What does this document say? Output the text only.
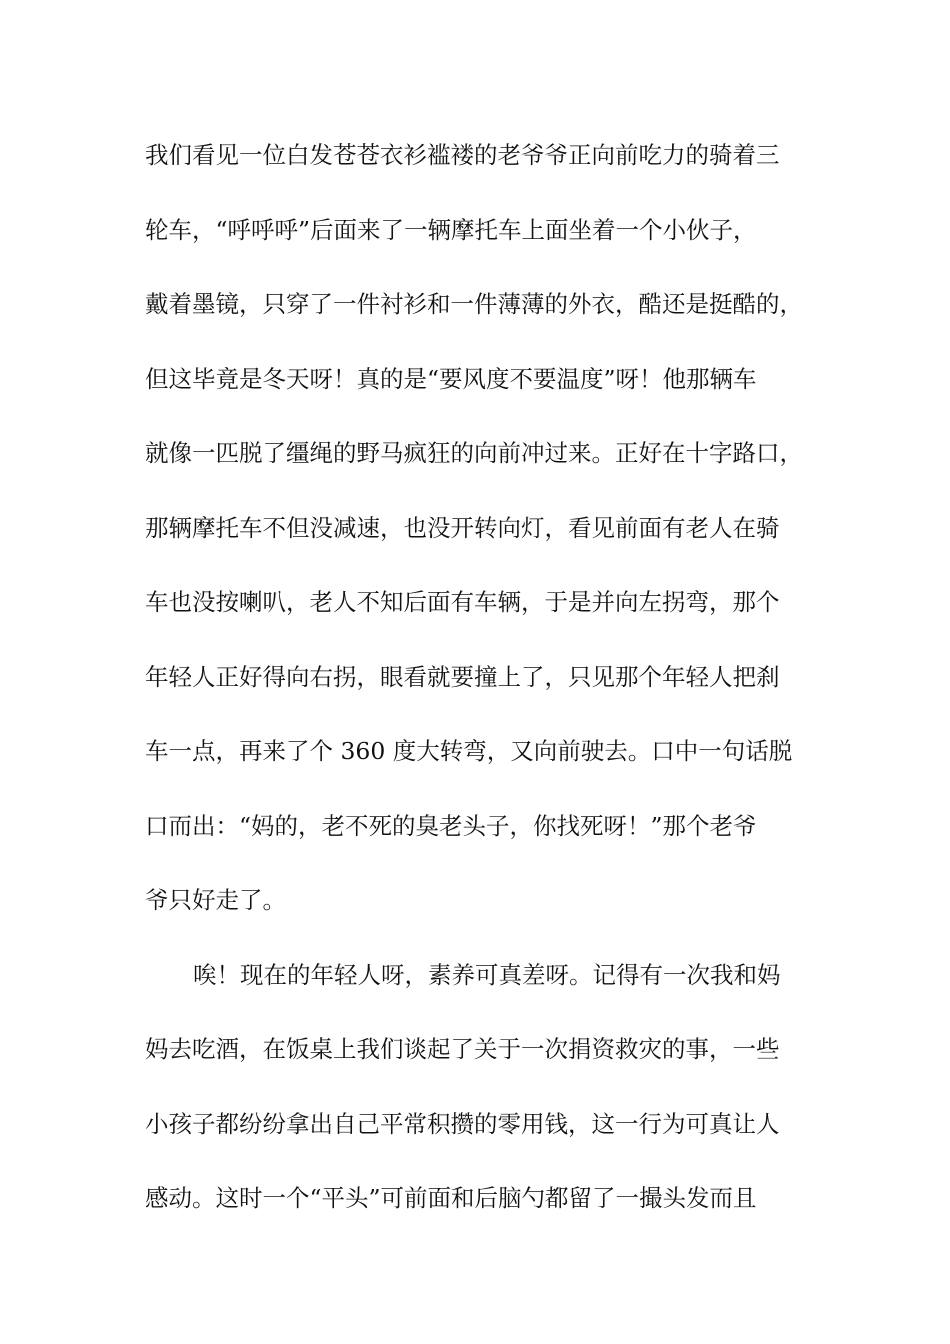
我们看见一位白发苍苍衣衫褴褛的老爷爷正向前吃力的骑着三
轮车，“呼呼呼”后面来了一辆摩托车上面坐着一个小伙子，
戴着墨镜，只穿了一件衬衫和一件薄薄的外衣，酷还是挺酷的，
但这毕竟是冬天呀！真的是“要风度不要温度”呀！他那辆车
就像一匹脱了缰绳的野马疯狂的向前冲过来。正好在十字路口，
那辆摩托车不但没减速，也没开转向灯，看见前面有老人在骑
车也没按喇叭，老人不知后面有车辆，于是并向左拐弯，那个
年轻人正好得向右拐，眼看就要撞上了，只见那个年轻人把刹
车一点，再来了个 360 度大转弯，又向前驶去。口中一句话脱
口而出：“妈的，老不死的臭老头子，你找死呀！”那个老爷
爷只好走了。
唉！现在的年轻人呀，素养可真差呀。记得有一次我和妈
妈去吃酒，在饭桌上我们谈起了关于一次捐资救灾的事，一些
小孩子都纷纷拿出自己平常积攒的零用钱，这一行为可真让人
感动。这时一个“平头”可前面和后脑勺都留了一撮头发而且
